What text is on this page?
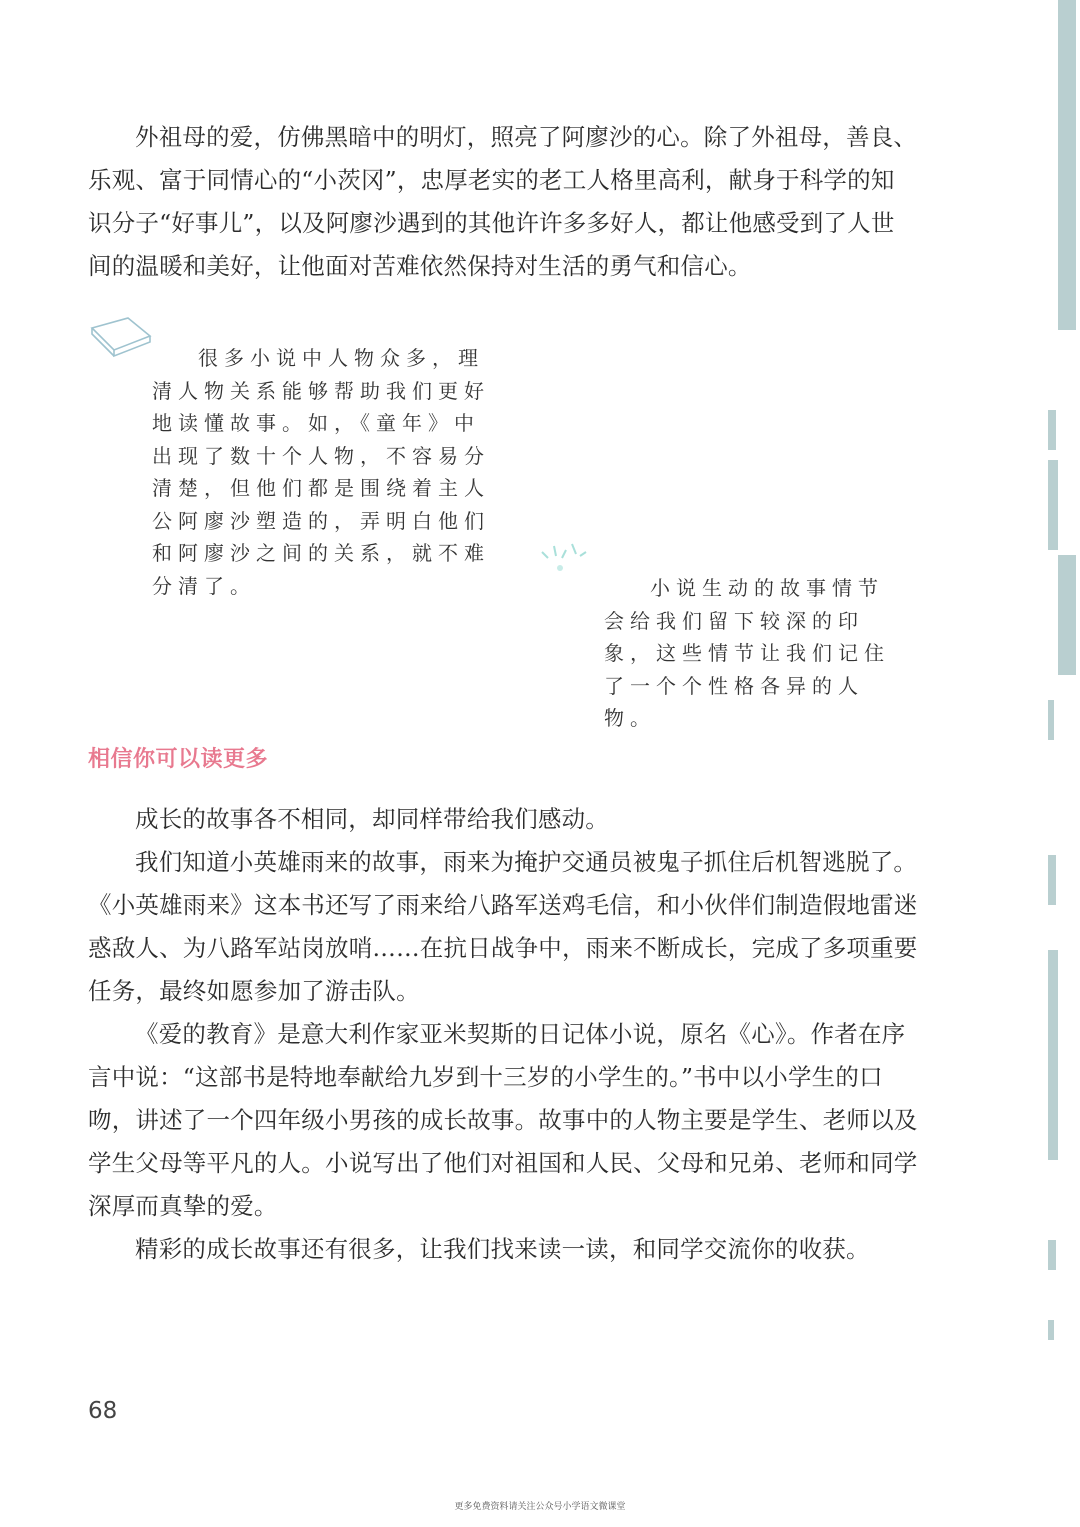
外祖母的爱，仿佛黑暗中的明灯，照亮了阿廖沙的心。除了外祖母，善良、乐观、富于同情心的“小茨冈”，忠厚老实的老工人格里高利，献身于科学的知识分子“好事儿”，以及阿廖沙遇到的其他许许多多好人，都让他感受到了人世间的温暖和美好，让他面对苦难依然保持对生活的勇气和信心。

很多小说中人物众多，理清人物关系能够帮助我们更好地读懂故事。如，《童年》中出现了数十个人物，不容易分清楚，但他们都是围绕着主人公阿廖沙塑造的，弄明白他们和阿廖沙之间的关系，就不难分清了。	小说生动的故事情节会给我们留下较深的印象，这些情节让我们记住了一个个性格各异的人物。

相信你可以读更多

成长的故事各不相同，却同样带给我们感动。

我们知道小英雄雨来的故事，雨来为掩护交通员被鬼子抓住后机智逃脱了。《小英雄雨来》这本书还写了雨来给八路军送鸡毛信，和小伙伴们制造假地雷迷惑敌人、为八路军站岗放哨……在抗日战争中，雨来不断成长，完成了多项重要任务，最终如愿参加了游击队。

《爱的教育》是意大利作家亚米契斯的日记体小说，原名《心》。作者在序言中说：“这部书是特地奉献给九岁到十三岁的小学生的。”书中以小学生的口吻，讲述了一个四年级小男孩的成长故事。故事中的人物主要是学生、老师以及学生父母等平凡的人。小说写出了他们对祖国和人民、父母和兄弟、老师和同学深厚而真挚的爱。

精彩的成长故事还有很多，让我们找来读一读，和同学交流你的收获。

68

更多免费资料请关注公众号小学语文微课堂
